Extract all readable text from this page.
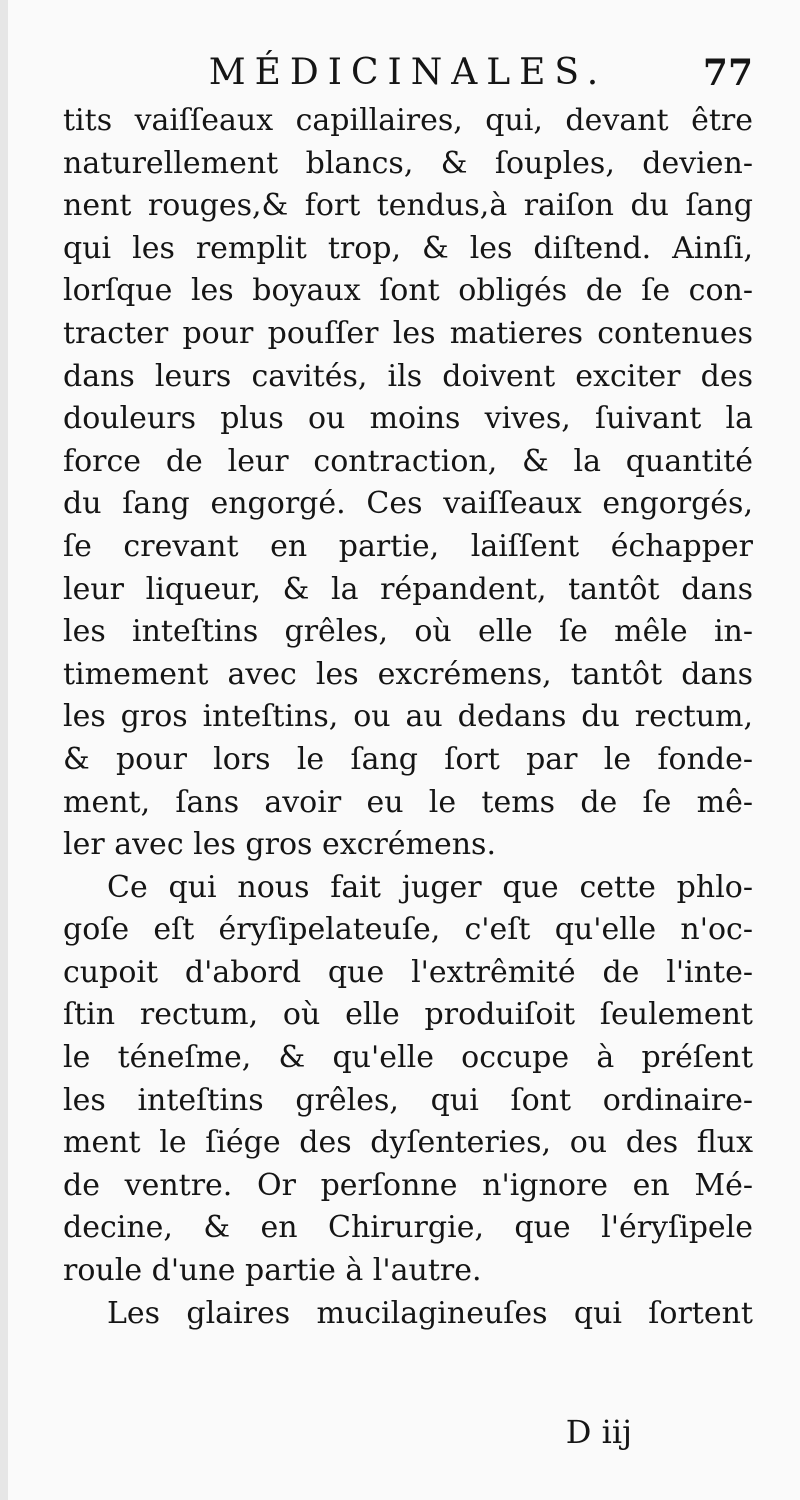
MÉDICINALES.	77
tits vaiſſeaux capillaires, qui, devant être
naturellement blancs, & ſouples, devien-
nent rouges,& fort tendus,à raiſon du ſang
qui les remplit trop, & les diſtend. Ainſi,
lorſque les boyaux ſont obligés de ſe con-
tracter pour pouſſer les matieres contenues
dans leurs cavités, ils doivent exciter des
douleurs plus ou moins vives, ſuivant la
force de leur contraction, & la quantité
du ſang engorgé. Ces vaiſſeaux engorgés,
ſe crevant en partie, laiſſent échapper
leur liqueur, & la répandent, tantôt dans
les inteſtins grêles, où elle ſe mêle in-
timement avec les excrémens, tantôt dans
les gros inteſtins, ou au dedans du rectum,
& pour lors le ſang ſort par le fonde-
ment, ſans avoir eu le tems de ſe mê-
ler avec les gros excrémens.
Ce qui nous fait juger que cette phlo-
goſe eſt éryſipelateuſe, c'eſt qu'elle n'oc-
cupoit d'abord que l'extrêmité de l'inte-
ſtin rectum, où elle produiſoit ſeulement
le téneſme, & qu'elle occupe à préſent
les inteſtins grêles, qui ſont ordinaire-
ment le ſiége des dyſenteries, ou des flux
de ventre. Or perſonne n'ignore en Mé-
decine, & en Chirurgie, que l'éryſipele
roule d'une partie à l'autre.
Les glaires mucilagineuſes qui ſortent
D iij
